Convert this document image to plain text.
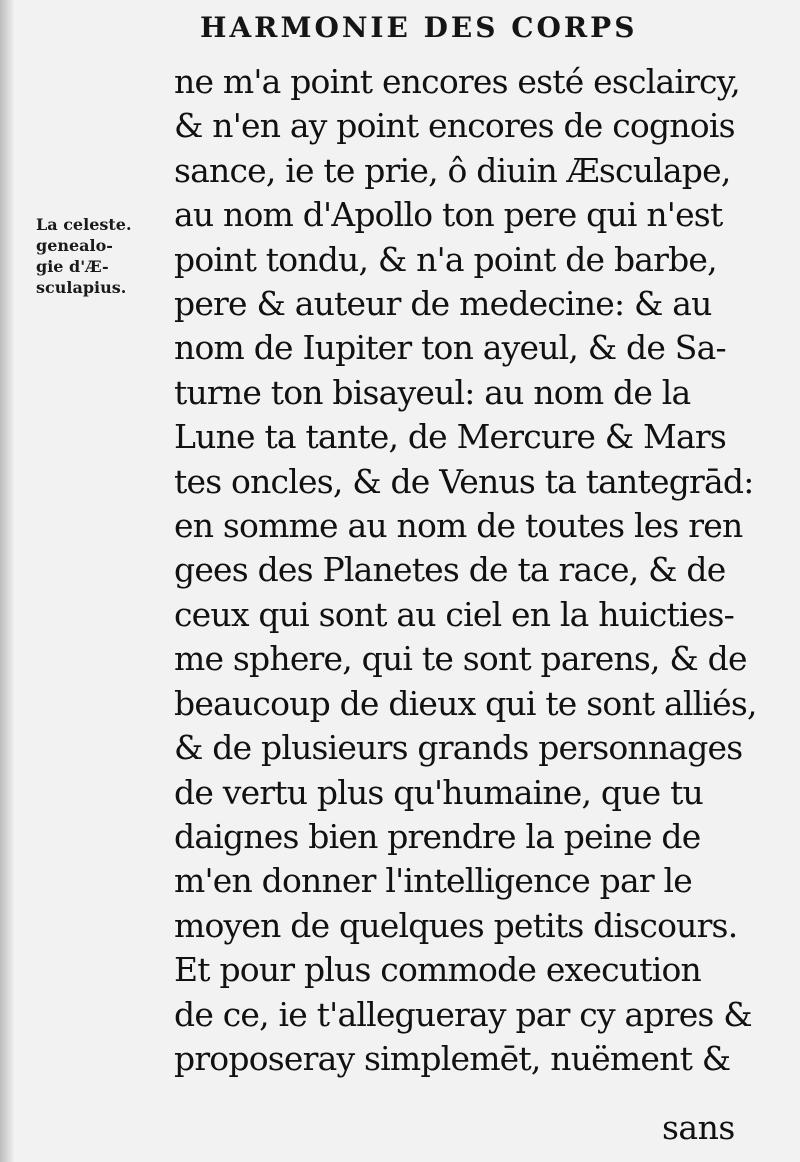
HARMONIE DES CORPS
La celeste.
genealo-
gie d'Æ-
sculapius.
ne m'a point encores esté esclaircy,
& n'en ay point encores de cognois
sance, ie te prie, ô diuin Æsculape,
au nom d'Apollo ton pere qui n'est
point tondu, & n'a point de barbe,
pere & auteur de medecine: & au
nom de Iupiter ton ayeul, & de Sa-
turne ton bisayeul: au nom de la
Lune ta tante, de Mercure & Mars
tes oncles, & de Venus ta tantegrād:
en somme au nom de toutes les ren
gees des Planetes de ta race, & de
ceux qui sont au ciel en la huicties-
me sphere, qui te sont parens, & de
beaucoup de dieux qui te sont alliés,
& de plusieurs grands personnages
de vertu plus qu'humaine, que tu
daignes bien prendre la peine de
m'en donner l'intelligence par le
moyen de quelques petits discours.
Et pour plus commode execution
de ce, ie t'allegueray par cy apres &
proposeray simplemēt, nuëment &
sans
